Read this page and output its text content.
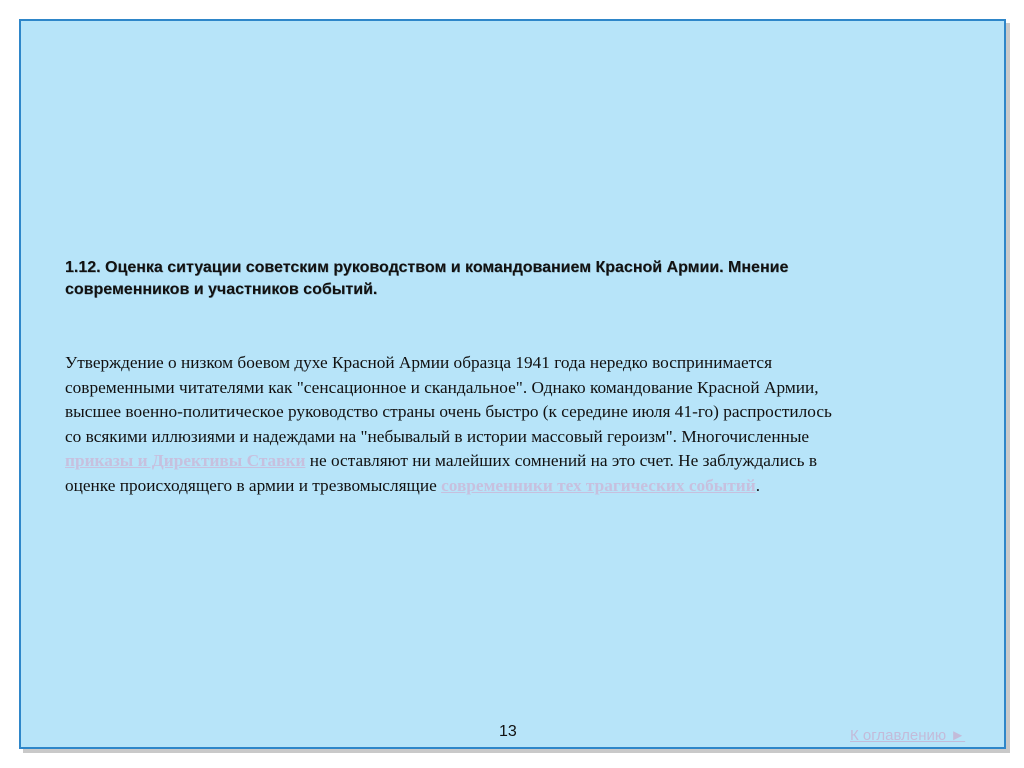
1.12. Оценка ситуации советским руководством и командованием Красной Армии. Мнение
современников и участников событий.

Утверждение о низком боевом духе Красной Армии образца 1941 года нередко воспринимается
современными читателями как "сенсационное и скандальное". Однако командование Красной Армии,
высшее военно-политическое руководство страны очень быстро (к середине июля 41-го) распростилось
со всякими иллюзиями и надеждами на "небывалый в истории массовый героизм". Многочисленные
приказы и Директивы Ставки не оставляют ни малейших сомнений на это счет. Не заблуждались в
оценке происходящего в армии и трезвомыслящие современники тех трагических событий.

13	К оглавлению ►
